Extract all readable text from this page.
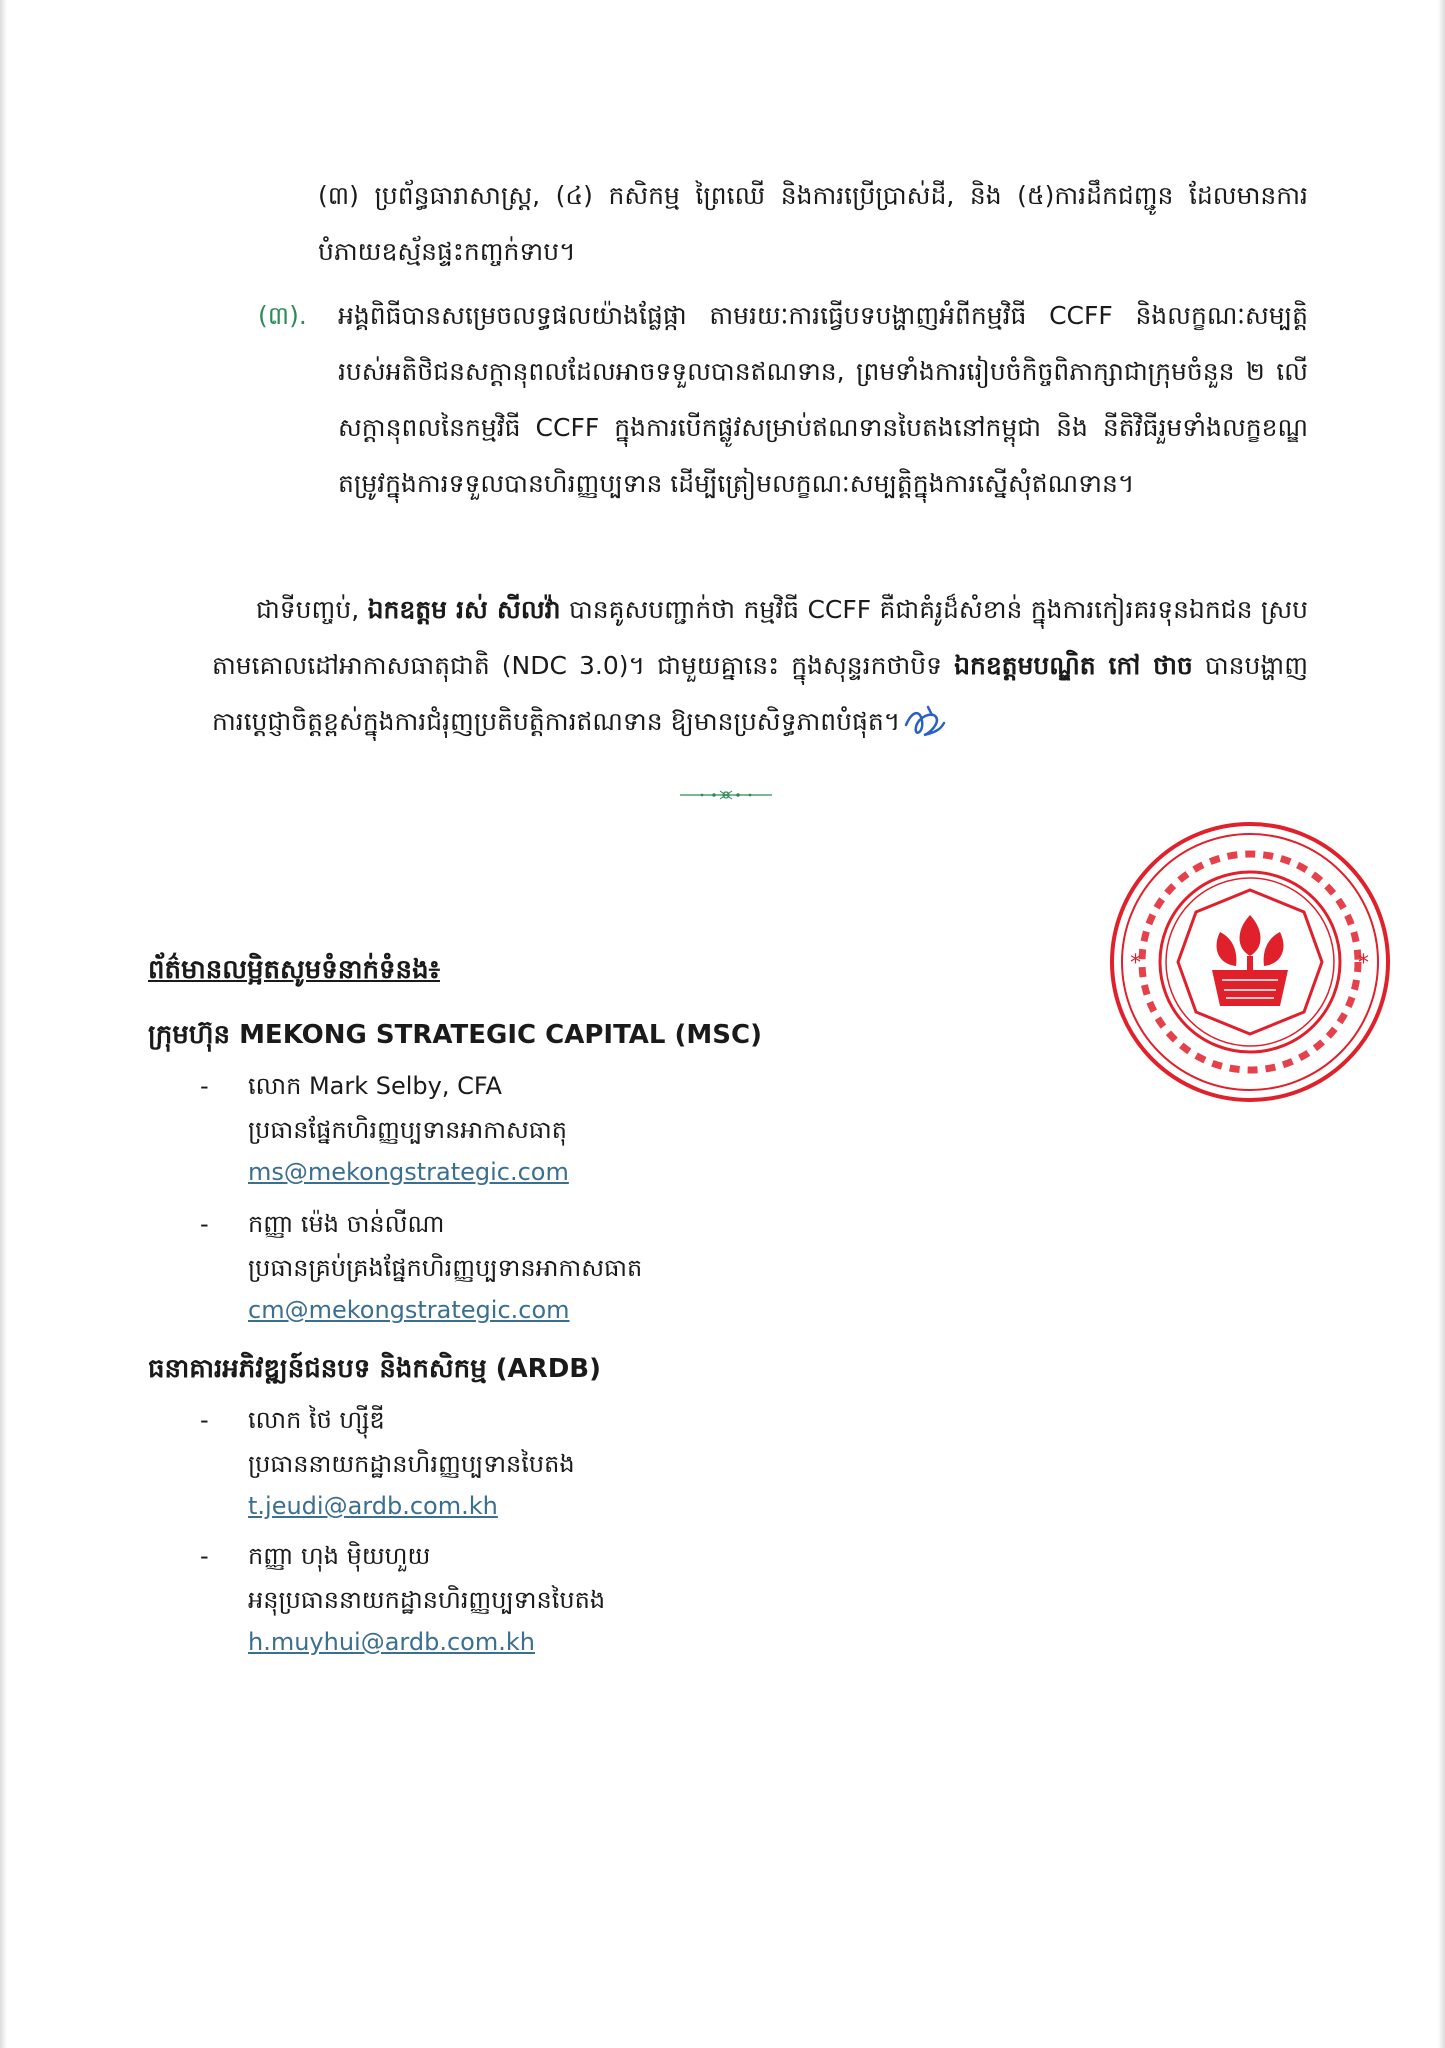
(៣) ប្រព័ន្ធធារាសាស្ត្រ, (៤) កសិកម្ម ព្រៃឈើ និងការប្រើប្រាស់ដី, និង (៥)ការដឹកជញ្ជូន ដែលមានការបំភាយឧស្ម័នផ្ទះកញ្ចក់ទាប។

(៣). អង្គពិធីបានសម្រេចលទ្ធផលយ៉ាងផ្លែផ្កា តាមរយៈការធ្វើបទបង្ហាញអំពីកម្មវិធី CCFF និងលក្ខណៈសម្បត្តិរបស់អតិថិជនសក្តានុពលដែលអាចទទួលបានឥណទាន, ព្រមទាំងការរៀបចំកិច្ចពិភាក្សាជាក្រុមចំនួន ២ លើសក្តានុពលនៃកម្មវិធី CCFF ក្នុងការបើកផ្លូវសម្រាប់ឥណទានបៃតងនៅកម្ពុជា និង នីតិវិធីរួមទាំងលក្ខខណ្ឌតម្រូវក្នុងការទទួលបានហិរញ្ញប្បទាន ដើម្បីត្រៀមលក្ខណៈសម្បត្តិក្នុងការស្នើសុំឥណទាន។

ជាទីបញ្ចប់, ឯកឧត្តម រស់ សីលវ៉ា បានគូសបញ្ជាក់ថា កម្មវិធី CCFF គឺជាគំរូដ៏សំខាន់ ក្នុងការកៀរគរទុនឯកជន ស្របតាមគោលដៅអាកាសធាតុជាតិ (NDC 3.0)។ ជាមួយគ្នានេះ ក្នុងសុន្ទរកថាបិទ ឯកឧត្តមបណ្ឌិត កៅ ថាច បានបង្ហាញការប្តេជ្ញាចិត្តខ្ពស់ក្នុងការជំរុញប្រតិបត្តិការឥណទាន ឱ្យមានប្រសិទ្ធភាពបំផុត។

*	*

ព័ត៌មានលម្អិតសូមទំនាក់ទំនង៖

ក្រុមហ៊ុន MEKONG STRATEGIC CAPITAL (MSC)

- លោក Mark Selby, CFA
ប្រធានផ្នែកហិរញ្ញប្បទានអាកាសធាតុ
ms@mekongstrategic.com
- កញ្ញា ម៉េង ចាន់លីណា
ប្រធានគ្រប់គ្រងផ្នែកហិរញ្ញប្បទានអាកាសធាត
cm@mekongstrategic.com

ធនាគារអភិវឌ្ឍន៍ជនបទ និងកសិកម្ម (ARDB)

- លោក ថៃ ហ្ស៊ីឌី
ប្រធាននាយកដ្ឋានហិរញ្ញប្បទានបៃតង
t.jeudi@ardb.com.kh
- កញ្ញា ហុង មុិយហួយ
អនុប្រធាននាយកដ្ឋានហិរញ្ញប្បទានបៃតង
h.muyhui@ardb.com.kh
